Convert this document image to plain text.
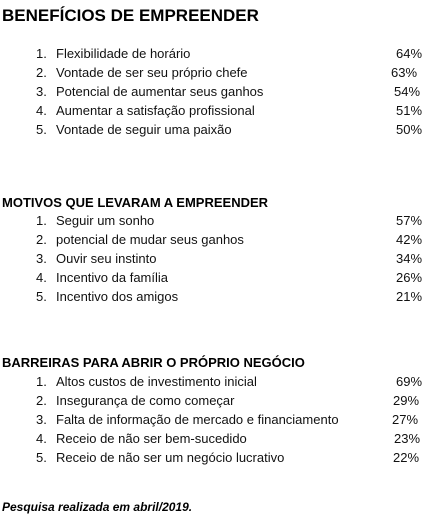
BENEFÍCIOS DE EMPREENDER
1. Flexibilidade de horário	64%
2. Vontade de ser seu próprio chefe	63%
3. Potencial de aumentar seus ganhos	54%
4. Aumentar a satisfação profissional	51%
5. Vontade de seguir uma paixão	50%
MOTIVOS QUE LEVARAM A EMPREENDER
1. Seguir um sonho	57%
2. potencial de mudar seus ganhos	42%
3. Ouvir seu instinto	34%
4. Incentivo da família	26%
5. Incentivo dos amigos	21%
BARREIRAS PARA ABRIR O PRÓPRIO NEGÓCIO
1. Altos custos de investimento inicial	69%
2. Insegurança de como começar	29%
3. Falta de informação de mercado e financiamento	27%
4. Receio de não ser bem-sucedido	23%
5. Receio de não ser um negócio lucrativo	22%
Pesquisa realizada em abril/2019.
